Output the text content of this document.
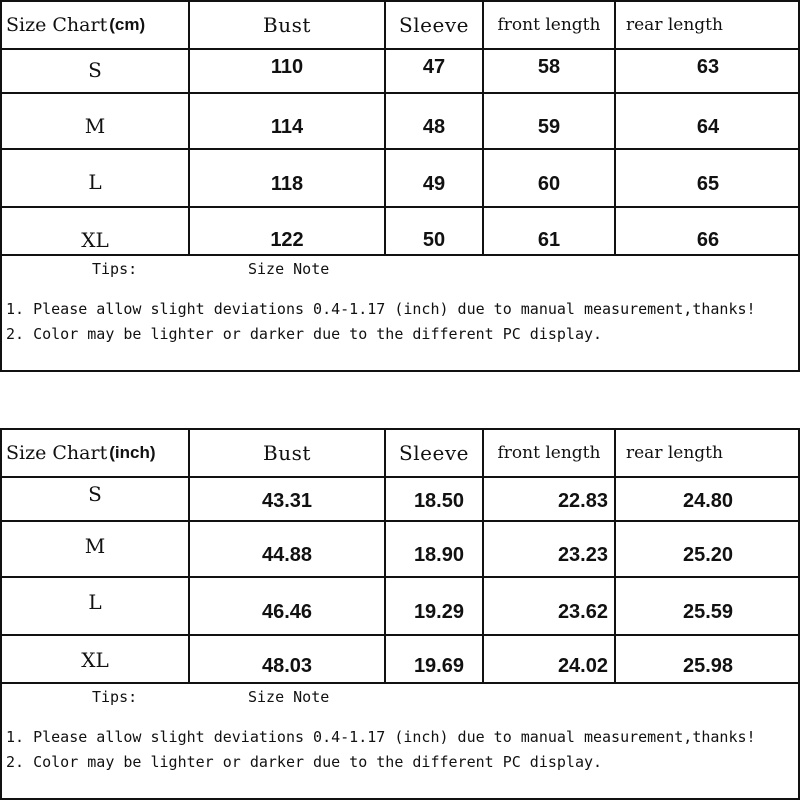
Size Chart (cm)	Bust	Sleeve	front length	rear length
S	110	47	58	63
M	114	48	59	64
L	118	49	60	65
XL	122	50	61	66
Tips:	Size Note
1. Please allow slight deviations 0.4-1.17 (inch) due to manual measurement,thanks!
2. Color may be lighter or darker due to the different PC display.
Size Chart (inch)	Bust	Sleeve	front length	rear length
S	43.31	18.50	22.83	24.80
M	44.88	18.90	23.23	25.20
L	46.46	19.29	23.62	25.59
XL	48.03	19.69	24.02	25.98
Tips:	Size Note
1. Please allow slight deviations 0.4-1.17 (inch) due to manual measurement,thanks!
2. Color may be lighter or darker due to the different PC display.
